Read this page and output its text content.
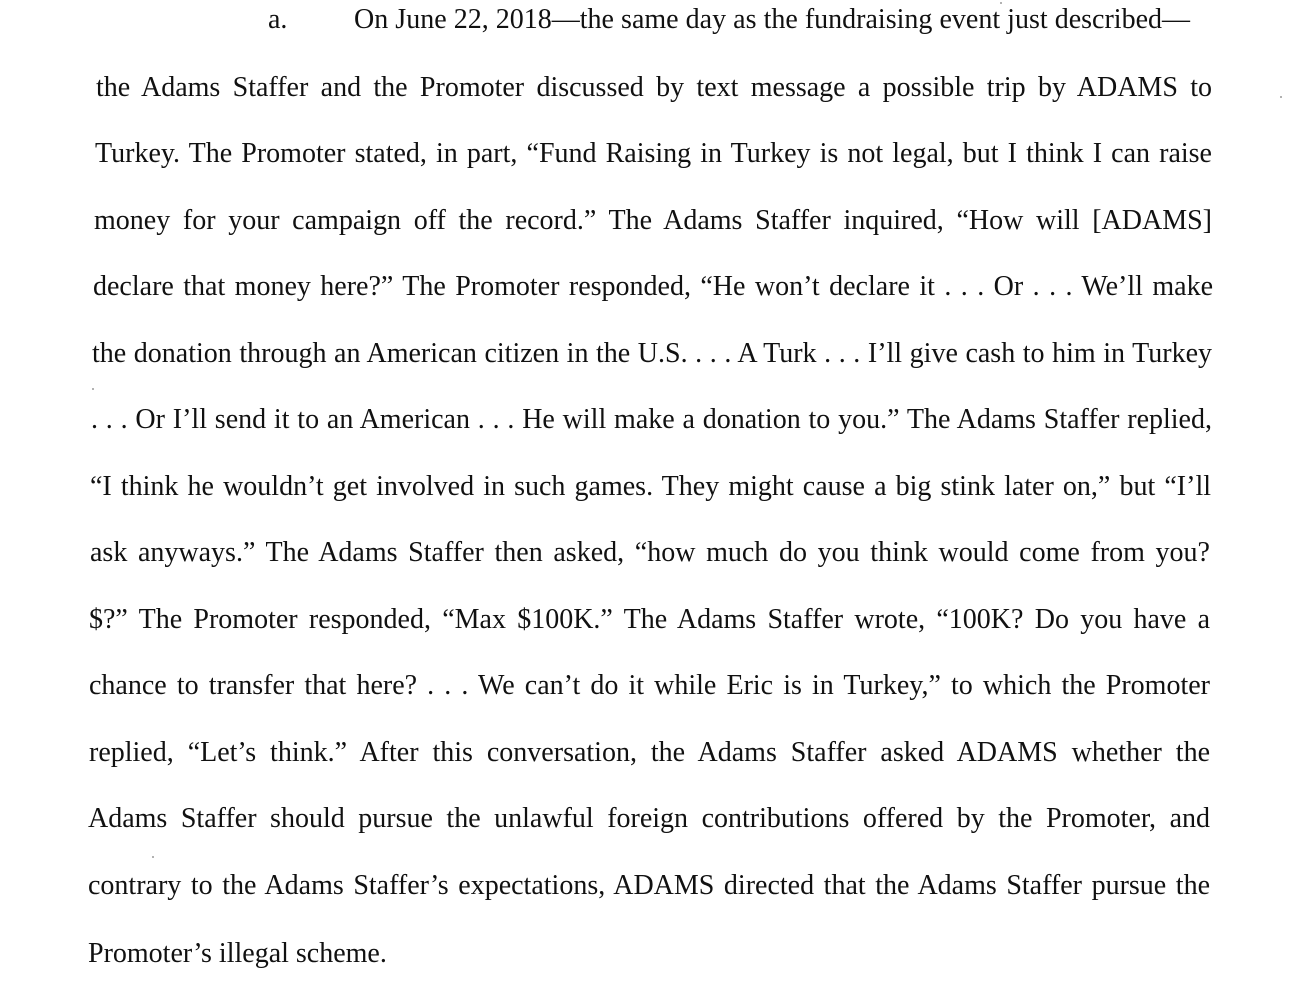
a. On June 22, 2018—the same day as the fundraising event just described—
the Adams Staffer and the Promoter discussed by text message a possible trip by ADAMS to
Turkey. The Promoter stated, in part, “Fund Raising in Turkey is not legal, but I think I can raise
money for your campaign off the record.” The Adams Staffer inquired, “How will [ADAMS]
declare that money here?” The Promoter responded, “He won’t declare it . . . Or . . . We’ll make
the donation through an American citizen in the U.S. . . . A Turk . . . I’ll give cash to him in Turkey
. . . Or I’ll send it to an American . . . He will make a donation to you.” The Adams Staffer replied,
“I think he wouldn’t get involved in such games. They might cause a big stink later on,” but “I’ll
ask anyways.” The Adams Staffer then asked, “how much do you think would come from you?
$?” The Promoter responded, “Max $100K.” The Adams Staffer wrote, “100K? Do you have a
chance to transfer that here? . . . We can’t do it while Eric is in Turkey,” to which the Promoter
replied, “Let’s think.” After this conversation, the Adams Staffer asked ADAMS whether the
Adams Staffer should pursue the unlawful foreign contributions offered by the Promoter, and
contrary to the Adams Staffer’s expectations, ADAMS directed that the Adams Staffer pursue the
Promoter’s illegal scheme.
